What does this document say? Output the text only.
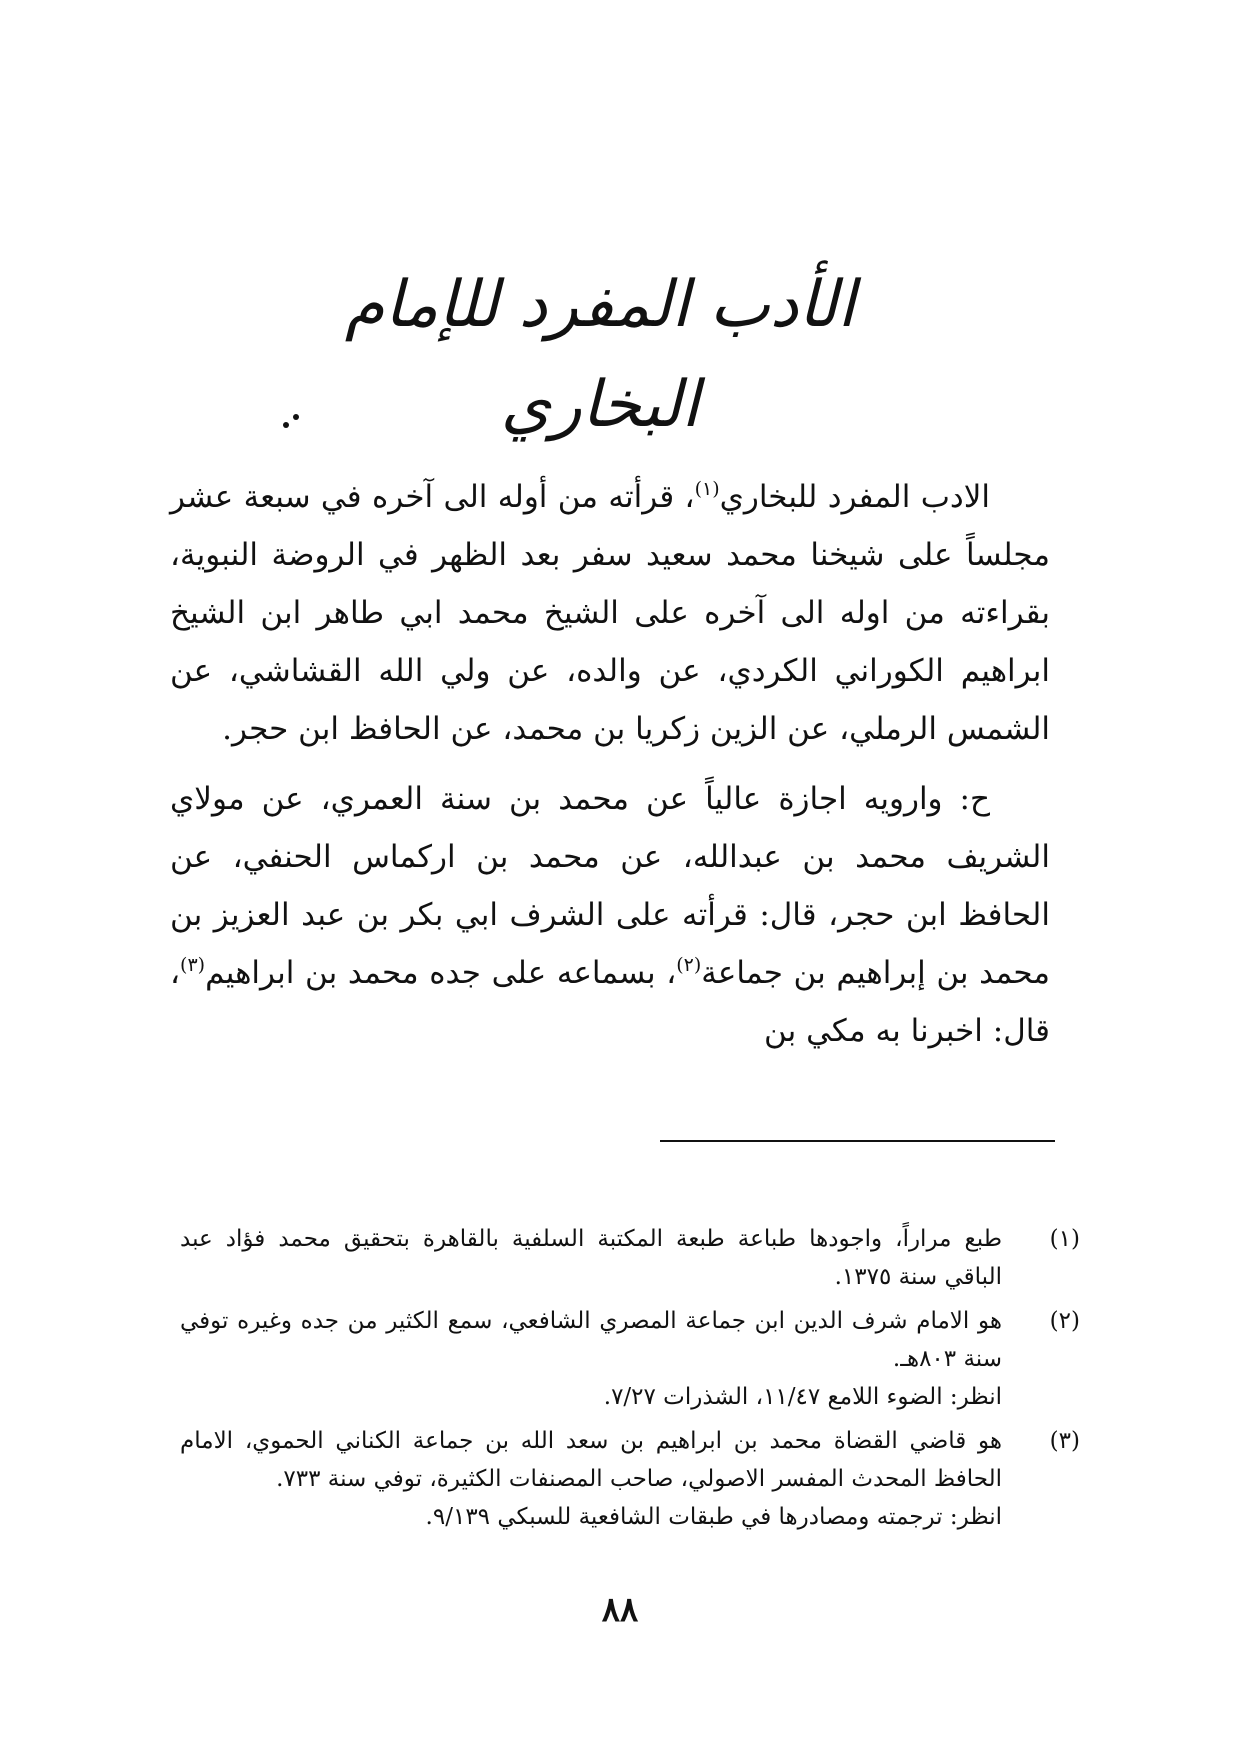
الأدب المفرد للإمام البخاري

الادب المفرد للبخاري$^{(١)}$، قرأته من أوله الى آخره في سبعة عشر مجلساً على شيخنا محمد سعيد سفر بعد الظهر في الروضة النبوية، بقراءته من اوله الى آخره على الشيخ محمد ابي طاهر ابن الشيخ ابراهيم الكوراني الكردي، عن والده، عن ولي الله القشاشي، عن الشمس الرملي، عن الزين زكريا بن محمد، عن الحافظ ابن حجر.

ح: وارويه اجازة عالياً عن محمد بن سنة العمري، عن مولاي الشريف محمد بن عبدالله، عن محمد بن اركماس الحنفي، عن الحافظ ابن حجر، قال: قرأته على الشرف ابي بكر بن عبد العزيز بن محمد بن إبراهيم بن جماعة$^{(٢)}$، بسماعه على جده محمد بن ابراهيم$^{(٣)}$، قال: اخبرنا به مكي بن

(١)
طبع مراراً، واجودها طباعة طبعة المكتبة السلفية بالقاهرة بتحقيق محمد فؤاد عبد الباقي سنة ١٣٧٥.
(٢)
هو الامام شرف الدين ابن جماعة المصري الشافعي، سمع الكثير من جده وغيره توفي سنة ٨٠٣هـ.
انظر: الضوء اللامع ١١/٤٧، الشذرات ٧/٢٧.
(٣)
هو قاضي القضاة محمد بن ابراهيم بن سعد الله بن جماعة الكناني الحموي، الامام الحافظ المحدث المفسر الاصولي، صاحب المصنفات الكثيرة، توفي سنة ٧٣٣.
انظر: ترجمته ومصادرها في طبقات الشافعية للسبكي ٩/١٣٩.
٨٨
